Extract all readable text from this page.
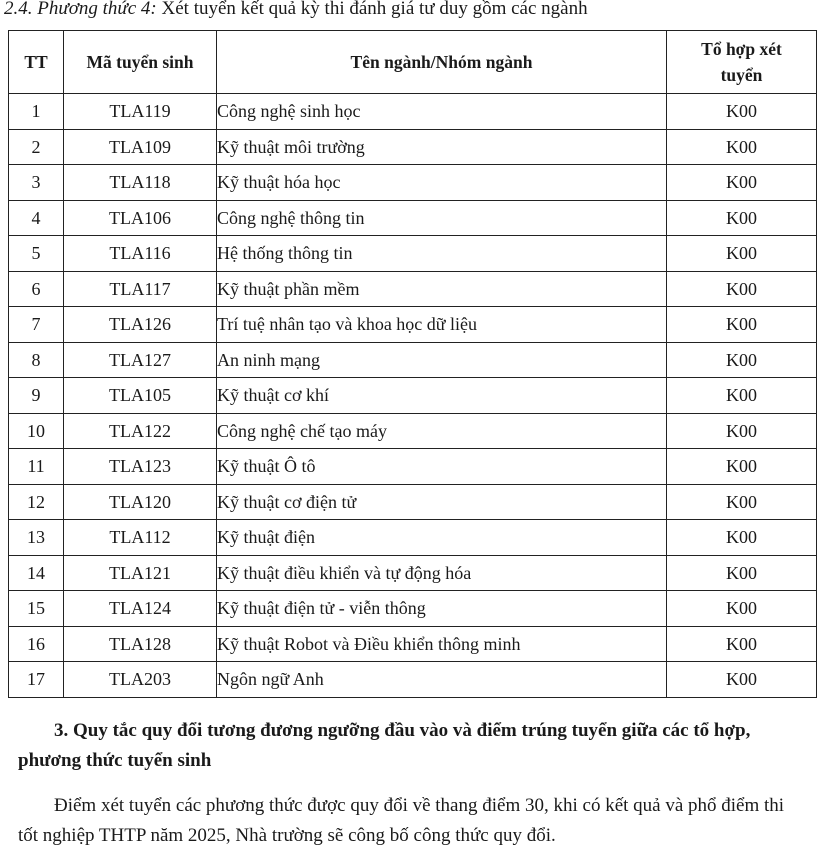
2.4. Phương thức 4: Xét tuyển kết quả kỳ thi đánh giá tư duy gồm các ngành
TT	Mã tuyển sinh	Tên ngành/Nhóm ngành	Tổ hợp xét
tuyển
1	TLA119	Công nghệ sinh học	K00
2	TLA109	Kỹ thuật môi trường	K00
3	TLA118	Kỹ thuật hóa học	K00
4	TLA106	Công nghệ thông tin	K00
5	TLA116	Hệ thống thông tin	K00
6	TLA117	Kỹ thuật phần mềm	K00
7	TLA126	Trí tuệ nhân tạo và khoa học dữ liệu	K00
8	TLA127	An ninh mạng	K00
9	TLA105	Kỹ thuật cơ khí	K00
10	TLA122	Công nghệ chế tạo máy	K00
11	TLA123	Kỹ thuật Ô tô	K00
12	TLA120	Kỹ thuật cơ điện tử	K00
13	TLA112	Kỹ thuật điện	K00
14	TLA121	Kỹ thuật điều khiển và tự động hóa	K00
15	TLA124	Kỹ thuật điện tử - viễn thông	K00
16	TLA128	Kỹ thuật Robot và Điều khiển thông minh	K00
17	TLA203	Ngôn ngữ Anh	K00
3. Quy tắc quy đổi tương đương ngưỡng đầu vào và điểm trúng tuyển giữa các tổ hợp, phương thức tuyển sinh
Điểm xét tuyển các phương thức được quy đổi về thang điểm 30, khi có kết quả và phổ điểm thi tốt nghiệp THTP năm 2025, Nhà trường sẽ công bố công thức quy đổi.
